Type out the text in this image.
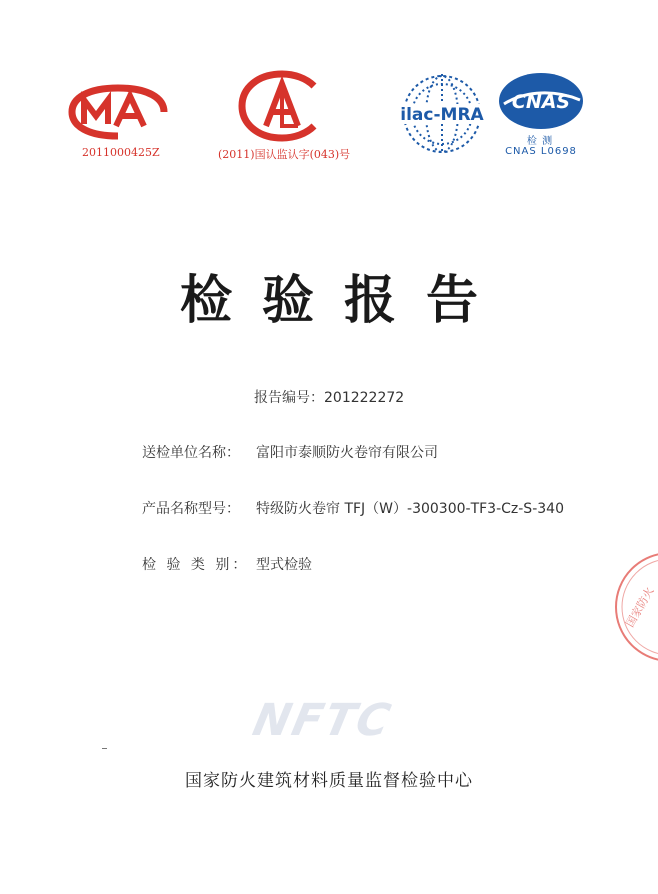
2011000425Z	(2011)国认监认字(043)号
ilac-MRA
CNAS
检 测
CNAS L0698
检验报告
报告编号：201222272
送检单位名称： 富阳市泰顺防火卷帘有限公司
产品名称型号： 特级防火卷帘 TFJ（W）-300300-TF3-Cz-S-340
检 验 类 别： 型式检验
NFTC
国家防火建筑材料质量监督检验中心
国家防火
